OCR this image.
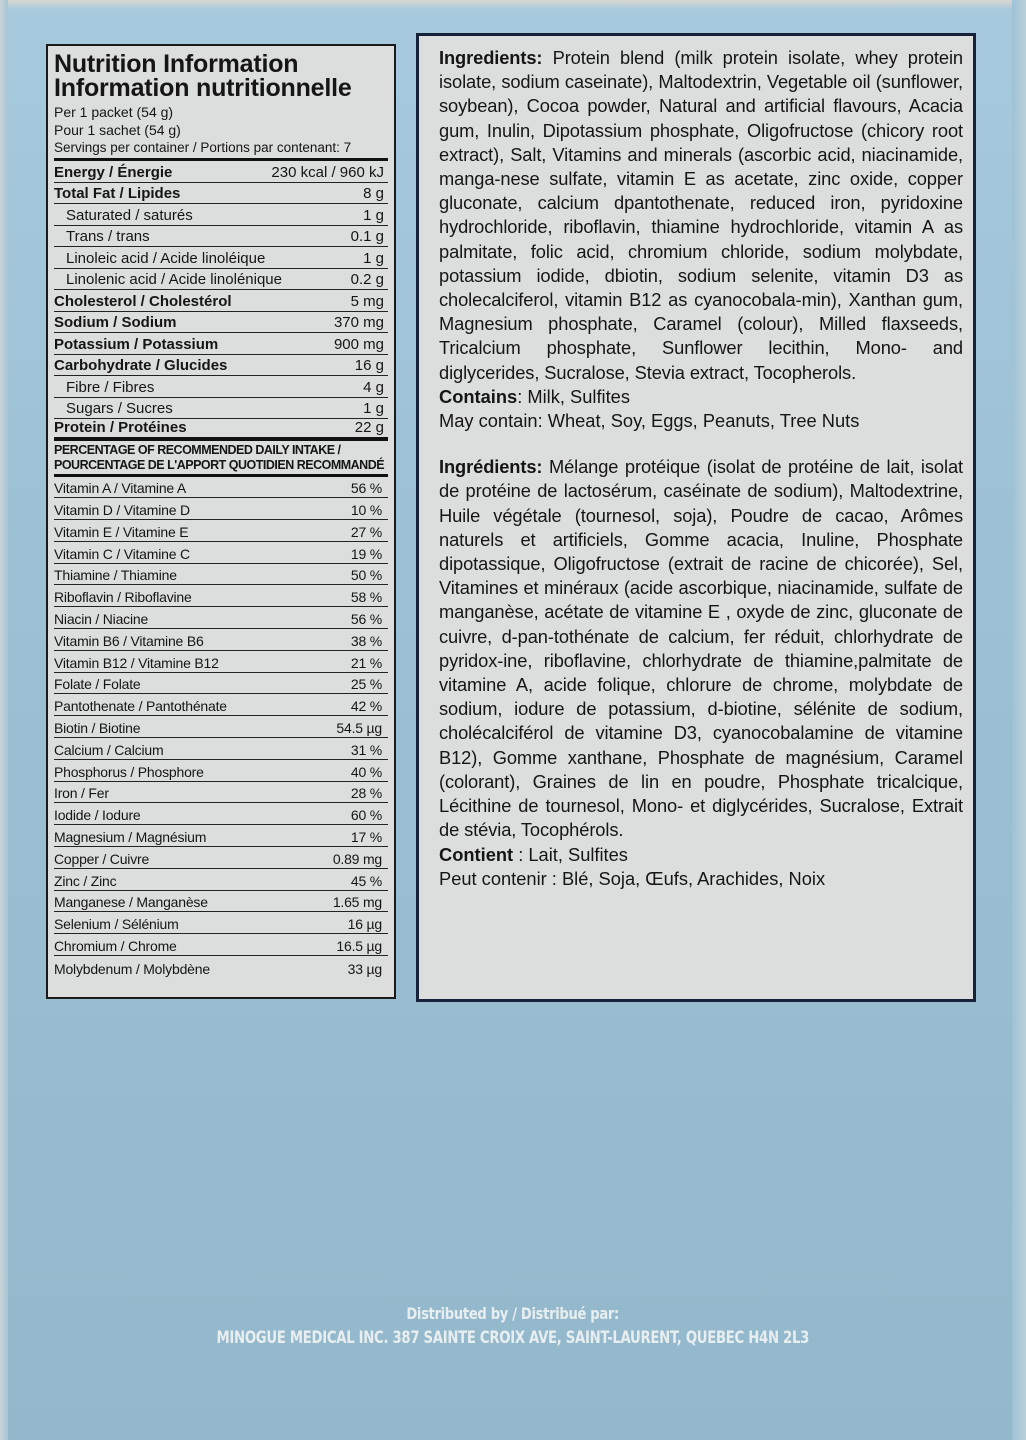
Nutrition Information
Information nutritionnelle
Per 1 packet (54 g)
Pour 1 sachet (54 g)
Servings per container / Portions par contenant: 7
Energy / Énergie	230 kcal / 960 kJ
Total Fat / Lipides	8 g
Saturated / saturés	1 g
Trans / trans	0.1 g
Linoleic acid / Acide linoléique	1 g
Linolenic acid / Acide linolénique	0.2 g
Cholesterol / Cholestérol	5 mg
Sodium / Sodium	370 mg
Potassium / Potassium	900 mg
Carbohydrate / Glucides	16 g
Fibre / Fibres	4 g
Sugars / Sucres	1 g
Protein / Protéines	22 g
PERCENTAGE OF RECOMMENDED DAILY INTAKE /
POURCENTAGE DE L'APPORT QUOTIDIEN RECOMMANDÉ
Vitamin A / Vitamine A	56 %
Vitamin D / Vitamine D	10 %
Vitamin E / Vitamine E	27 %
Vitamin C / Vitamine C	19 %
Thiamine / Thiamine	50 %
Riboflavin / Riboflavine	58 %
Niacin / Niacine	56 %
Vitamin B6 / Vitamine B6	38 %
Vitamin B12 / Vitamine B12	21 %
Folate / Folate	25 %
Pantothenate / Pantothénate	42 %
Biotin / Biotine	54.5 µg
Calcium / Calcium	31 %
Phosphorus / Phosphore	40 %
Iron / Fer	28 %
Iodide / Iodure	60 %
Magnesium / Magnésium	17 %
Copper / Cuivre	0.89 mg
Zinc / Zinc	45 %
Manganese / Manganèse	1.65 mg
Selenium / Sélénium	16 µg
Chromium / Chrome	16.5 µg
Molybdenum / Molybdène	33 µg

Ingredients: Protein blend (milk protein isolate, whey protein isolate, sodium caseinate), Maltodextrin, Vegetable oil (sunflower, soybean), Cocoa powder, Natural and artificial flavours, Acacia gum, Inulin, Dipotassium phosphate, Oligofructose (chicory root extract), Salt, Vitamins and minerals (ascorbic acid, niacinamide, manga-nese sulfate, vitamin E as acetate, zinc oxide, copper gluconate, calcium dpantothenate, reduced iron, pyridoxine hydrochloride, riboflavin, thiamine hydrochloride, vitamin A as palmitate, folic acid, chromium chloride, sodium molybdate, potassium iodide, dbiotin, sodium selenite, vitamin D3 as cholecalciferol, vitamin B12 as cyanocobala-min), Xanthan gum, Magnesium phosphate, Caramel (colour), Milled flaxseeds, Tricalcium phosphate, Sunflower lecithin, Mono- and diglycerides, Sucralose, Stevia extract, Tocopherols.

Contains: Milk, Sulfites

May contain: Wheat, Soy, Eggs, Peanuts, Tree Nuts

Ingrédients: Mélange protéique (isolat de protéine de lait, isolat de protéine de lactosérum, caséinate de sodium), Maltodextrine, Huile végétale (tournesol, soja), Poudre de cacao, Arômes naturels et artificiels, Gomme acacia, Inuline, Phosphate dipotassique, Oligofructose (extrait de racine de chicorée), Sel, Vitamines et minéraux (acide ascorbique, niacinamide, sulfate de manganèse, acétate de vitamine E , oxyde de zinc, gluconate de cuivre, d-pan-tothénate de calcium, fer réduit, chlorhydrate de pyridox-ine, riboflavine, chlorhydrate de thiamine,palmitate de vitamine A, acide folique, chlorure de chrome, molybdate de sodium, iodure de potassium, d-biotine, sélénite de sodium, cholécalciférol de vitamine D3, cyanocobalamine de vitamine B12), Gomme xanthane, Phosphate de magnésium, Caramel (colorant), Graines de lin en poudre, Phosphate tricalcique, Lécithine de tournesol, Mono- et diglycérides, Sucralose, Extrait de stévia, Tocophérols.

Contient : Lait, Sulfites

Peut contenir : Blé, Soja, Œufs, Arachides, Noix

Distributed by / Distribué par:
MINOGUE MEDICAL INC. 387 SAINTE CROIX AVE, SAINT-LAURENT, QUEBEC H4N 2L3
